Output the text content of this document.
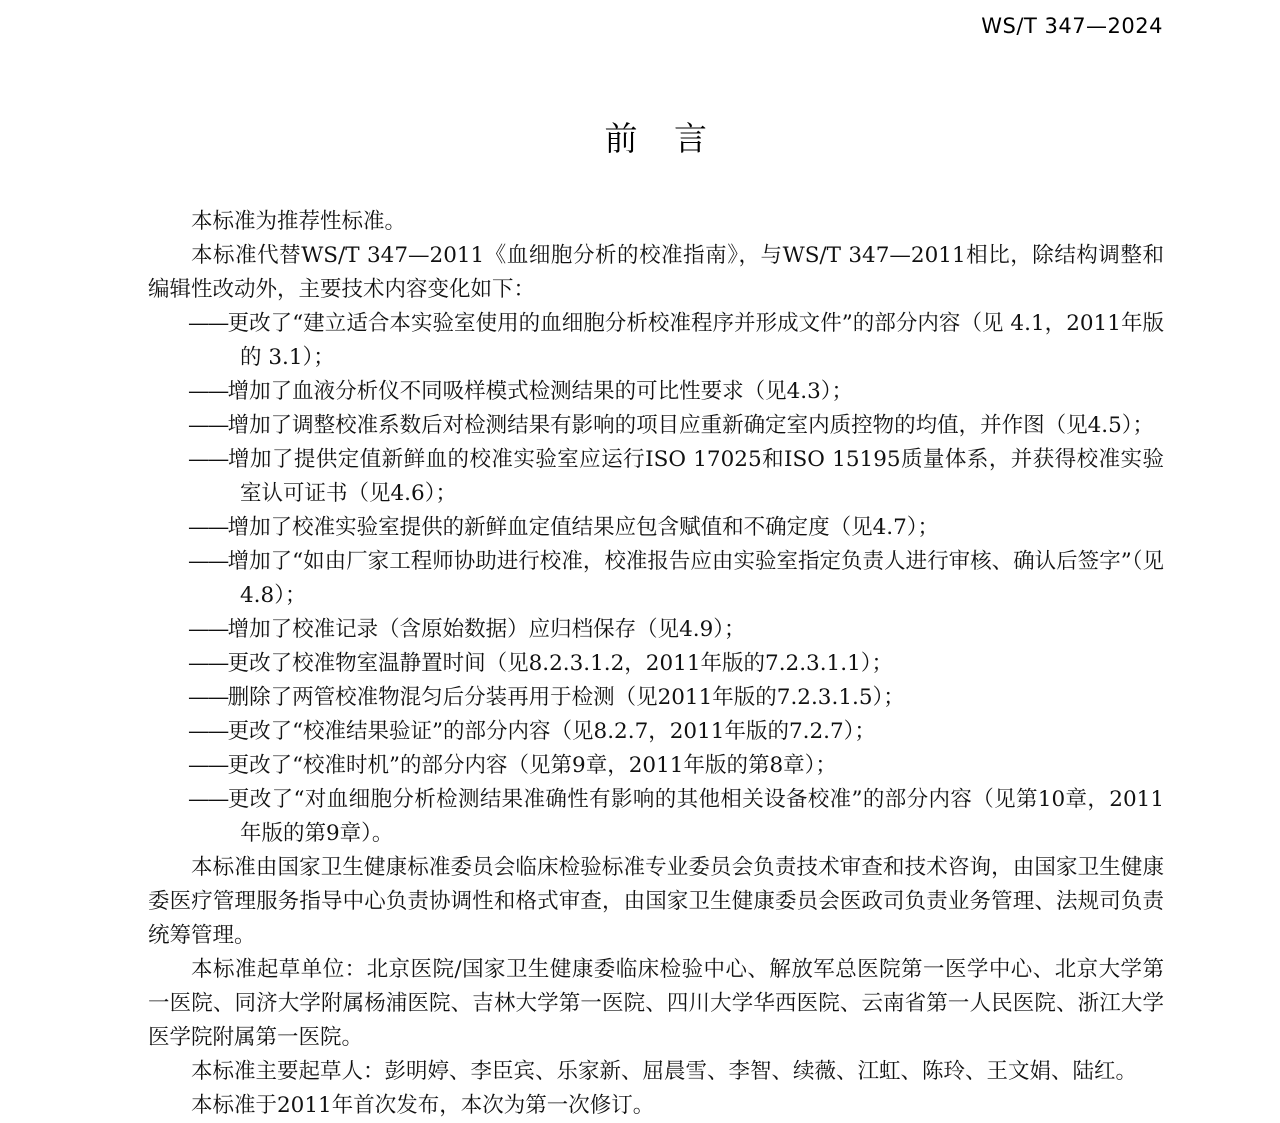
WS/T 347—2024
前 言

本标准为推荐性标准。

本标准代替WS/T 347—2011《血细胞分析的校准指南》，与WS/T 347—2011相比，除结构调整和编辑性改动外，主要技术内容变化如下：

——更改了“建立适合本实验室使用的血细胞分析校准程序并形成文件”的部分内容（见 4.1，2011年版的 3.1）；
——增加了血液分析仪不同吸样模式检测结果的可比性要求（见4.3）；
——增加了调整校准系数后对检测结果有影响的项目应重新确定室内质控物的均值，并作图（见4.5）；
——增加了提供定值新鲜血的校准实验室应运行ISO 17025和ISO 15195质量体系，并获得校准实验室认可证书（见4.6）；
——增加了校准实验室提供的新鲜血定值结果应包含赋值和不确定度（见4.7）；
——增加了“如由厂家工程师协助进行校准，校准报告应由实验室指定负责人进行审核、确认后签字”（见4.8）；
——增加了校准记录（含原始数据）应归档保存（见4.9）；
——更改了校准物室温静置时间（见8.2.3.1.2，2011年版的7.2.3.1.1）；
——删除了两管校准物混匀后分装再用于检测（见2011年版的7.2.3.1.5）；
——更改了“校准结果验证”的部分内容（见8.2.7，2011年版的7.2.7）；
——更改了“校准时机”的部分内容（见第9章，2011年版的第8章）；
——更改了“对血细胞分析检测结果准确性有影响的其他相关设备校准”的部分内容（见第10章，2011年版的第9章）。

本标准由国家卫生健康标准委员会临床检验标准专业委员会负责技术审查和技术咨询，由国家卫生健康委医疗管理服务指导中心负责协调性和格式审查，由国家卫生健康委员会医政司负责业务管理、法规司负责统筹管理。

本标准起草单位：北京医院/国家卫生健康委临床检验中心、解放军总医院第一医学中心、北京大学第一医院、同济大学附属杨浦医院、吉林大学第一医院、四川大学华西医院、云南省第一人民医院、浙江大学医学院附属第一医院。

本标准主要起草人：彭明婷、李臣宾、乐家新、屈晨雪、李智、续薇、江虹、陈玲、王文娟、陆红。

本标准于2011年首次发布，本次为第一次修订。
